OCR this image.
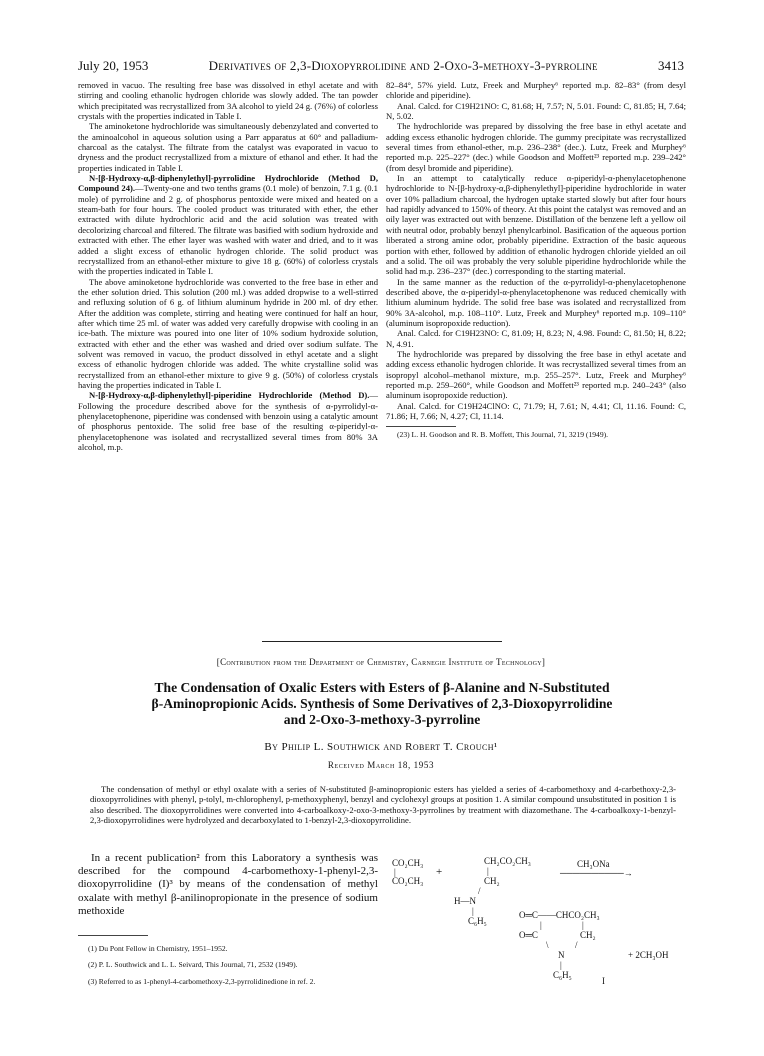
July 20, 1953	Derivatives of 2,3-Dioxopyrrolidine and 2-Oxo-3-methoxy-3-pyrroline	3413

removed in vacuo. The resulting free base was dissolved in ethyl acetate and with stirring and cooling ethanolic hydrogen chloride was slowly added. The tan powder which precipitated was recrystallized from 3A alcohol to yield 24 g. (76%) of colorless crystals with the properties indicated in Table I.

The aminoketone hydrochloride was simultaneously debenzylated and converted to the aminoalcohol in aqueous solution using a Parr apparatus at 60° and palladium-charcoal as the catalyst. The filtrate from the catalyst was evaporated in vacuo to dryness and the product recrystallized from a mixture of ethanol and ether. It had the properties indicated in Table I.

N-[β-Hydroxy-α,β-diphenylethyl]-pyrrolidine Hydrochloride (Method D, Compound 24).—Twenty-one and two tenths grams (0.1 mole) of benzoin, 7.1 g. (0.1 mole) of pyrrolidine and 2 g. of phosphorus pentoxide were mixed and heated on a steam-bath for four hours. The cooled product was triturated with ether, the ether extracted with dilute hydrochloric acid and the acid solution was treated with decolorizing charcoal and filtered. The filtrate was basified with sodium hydroxide and extracted with ether. The ether layer was washed with water and dried, and to it was added a slight excess of ethanolic hydrogen chloride. The solid product was recrystallized from an ethanol-ether mixture to give 18 g. (60%) of colorless crystals with the properties indicated in Table I.

The above aminoketone hydrochloride was converted to the free base in ether and the ether solution dried. This solution (200 ml.) was added dropwise to a well-stirred and refluxing solution of 6 g. of lithium aluminum hydride in 200 ml. of dry ether. After the addition was complete, stirring and heating were continued for half an hour, after which time 25 ml. of water was added very carefully dropwise with cooling in an ice-bath. The mixture was poured into one liter of 10% sodium hydroxide solution, extracted with ether and the ether was washed and dried over sodium sulfate. The solvent was removed in vacuo, the product dissolved in ethyl acetate and a slight excess of ethanolic hydrogen chloride was added. The white crystalline solid was recrystallized from an ethanol-ether mixture to give 9 g. (50%) of colorless crystals having the properties indicated in Table I.

N-[β-Hydroxy-α,β-diphenylethyl]-piperidine Hydrochloride (Method D).—Following the procedure described above for the synthesis of α-pyrrolidyl-α-phenylacetophenone, piperidine was condensed with benzoin using a catalytic amount of phosphorus pentoxide. The solid free base of the resulting α-piperidyl-α-phenylacetophenone was isolated and recrystallized several times from 80% 3A alcohol, m.p.

82–84°, 57% yield. Lutz, Freek and Murphey⁶ reported m.p. 82–83° (from desyl chloride and piperidine).

Anal. Calcd. for C19H21NO: C, 81.68; H, 7.57; N, 5.01. Found: C, 81.85; H, 7.64; N, 5.02.

The hydrochloride was prepared by dissolving the free base in ethyl acetate and adding excess ethanolic hydrogen chloride. The gummy precipitate was recrystallized several times from ethanol-ether, m.p. 236–238° (dec.). Lutz, Freek and Murphey⁶ reported m.p. 225–227° (dec.) while Goodson and Moffett²³ reported m.p. 239–242° (from desyl bromide and piperidine).

In an attempt to catalytically reduce α-piperidyl-α-phenylacetophenone hydrochloride to N-[β-hydroxy-α,β-diphenylethyl]-piperidine hydrochloride in water over 10% palladium charcoal, the hydrogen uptake started slowly but after four hours had rapidly advanced to 150% of theory. At this point the catalyst was removed and an oily layer was extracted out with benzene. Distillation of the benzene left a yellow oil with neutral odor, probably benzyl phenylcarbinol. Basification of the aqueous portion liberated a strong amine odor, probably piperidine. Extraction of the basic aqueous portion with ether, followed by addition of ethanolic hydrogen chloride yielded an oil and a solid. The oil was probably the very soluble piperidine hydrochloride while the solid had m.p. 236–237° (dec.) corresponding to the starting material.

In the same manner as the reduction of the α-pyrrolidyl-α-phenylacetophenone described above, the α-piperidyl-α-phenylacetophenone was reduced chemically with lithium aluminum hydride. The solid free base was isolated and recrystallized from 90% 3A-alcohol, m.p. 108–110°. Lutz, Freek and Murphey⁶ reported m.p. 109–110° (aluminum isopropoxide reduction).

Anal. Calcd. for C19H23NO: C, 81.09; H, 8.23; N, 4.98. Found: C, 81.50; H, 8.22; N, 4.91.

The hydrochloride was prepared by dissolving the free base in ethyl acetate and adding excess ethanolic hydrogen chloride. It was recrystallized several times from an isopropyl alcohol–methanol mixture, m.p. 255–257°. Lutz, Freek and Murphey⁶ reported m.p. 259–260°, while Goodson and Moffett²³ reported m.p. 240–243° (also aluminum isopropoxide reduction).

Anal. Calcd. for C19H24ClNO: C, 71.79; H, 7.61; N, 4.41; Cl, 11.16. Found: C, 71.86; H, 7.66; N, 4.27; Cl, 11.14.

(23) L. H. Goodson and R. B. Moffett, This Journal, 71, 3219 (1949).

[Contribution from the Department of Chemistry, Carnegie Institute of Technology]
The Condensation of Oxalic Esters with Esters of β-Alanine and N-Substituted
β-Aminopropionic Acids. Synthesis of Some Derivatives of 2,3-Dioxopyrrolidine
and 2-Oxo-3-methoxy-3-pyrroline
By Philip L. Southwick and Robert T. Crouch¹
Received March 18, 1953
The condensation of methyl or ethyl oxalate with a series of N-substituted β-aminopropionic esters has yielded a series of 4-carbomethoxy and 4-carbethoxy-2,3-dioxopyrrolidines with phenyl, p-tolyl, m-chlorophenyl, p-methoxyphenyl, benzyl and cyclohexyl groups at position 1. A similar compound unsubstituted in position 1 is also described. The dioxopyrrolidines were converted into 4-carboalkoxy-2-oxo-3-methoxy-3-pyrrolines by treatment with diazomethane. The 4-carboalkoxy-1-benzyl-2,3-dioxopyrrolidines were hydrolyzed and decarboxylated to 1-benzyl-2,3-dioxopyrrolidine.
In a recent publication² from this Laboratory a synthesis was described for the compound 4-carbomethoxy-1-phenyl-2,3-dioxopyrrolidine (I)³ by means of the condensation of methyl oxalate with methyl β-anilinopropionate in the presence of sodium methoxide

(1) Du Pont Fellow in Chemistry, 1951–1952.

(2) P. L. Southwick and L. L. Seivard, This Journal, 71, 2532 (1949).

(3) Referred to as 1-phenyl-4-carbomethoxy-2,3-pyrrolidinedione in ref. 2.

CO₂CH₃
|
CO₂CH₃
+
CH₂CO₂CH₃
|
CH₂
/
H—N
|
C₆H₅
CH₃ONa
──────────→
O═C——CHCO₂CH₃
|	|
O═C	CH₂
\	/
N	+ 2CH₃OH
|
C₆H₅
I
